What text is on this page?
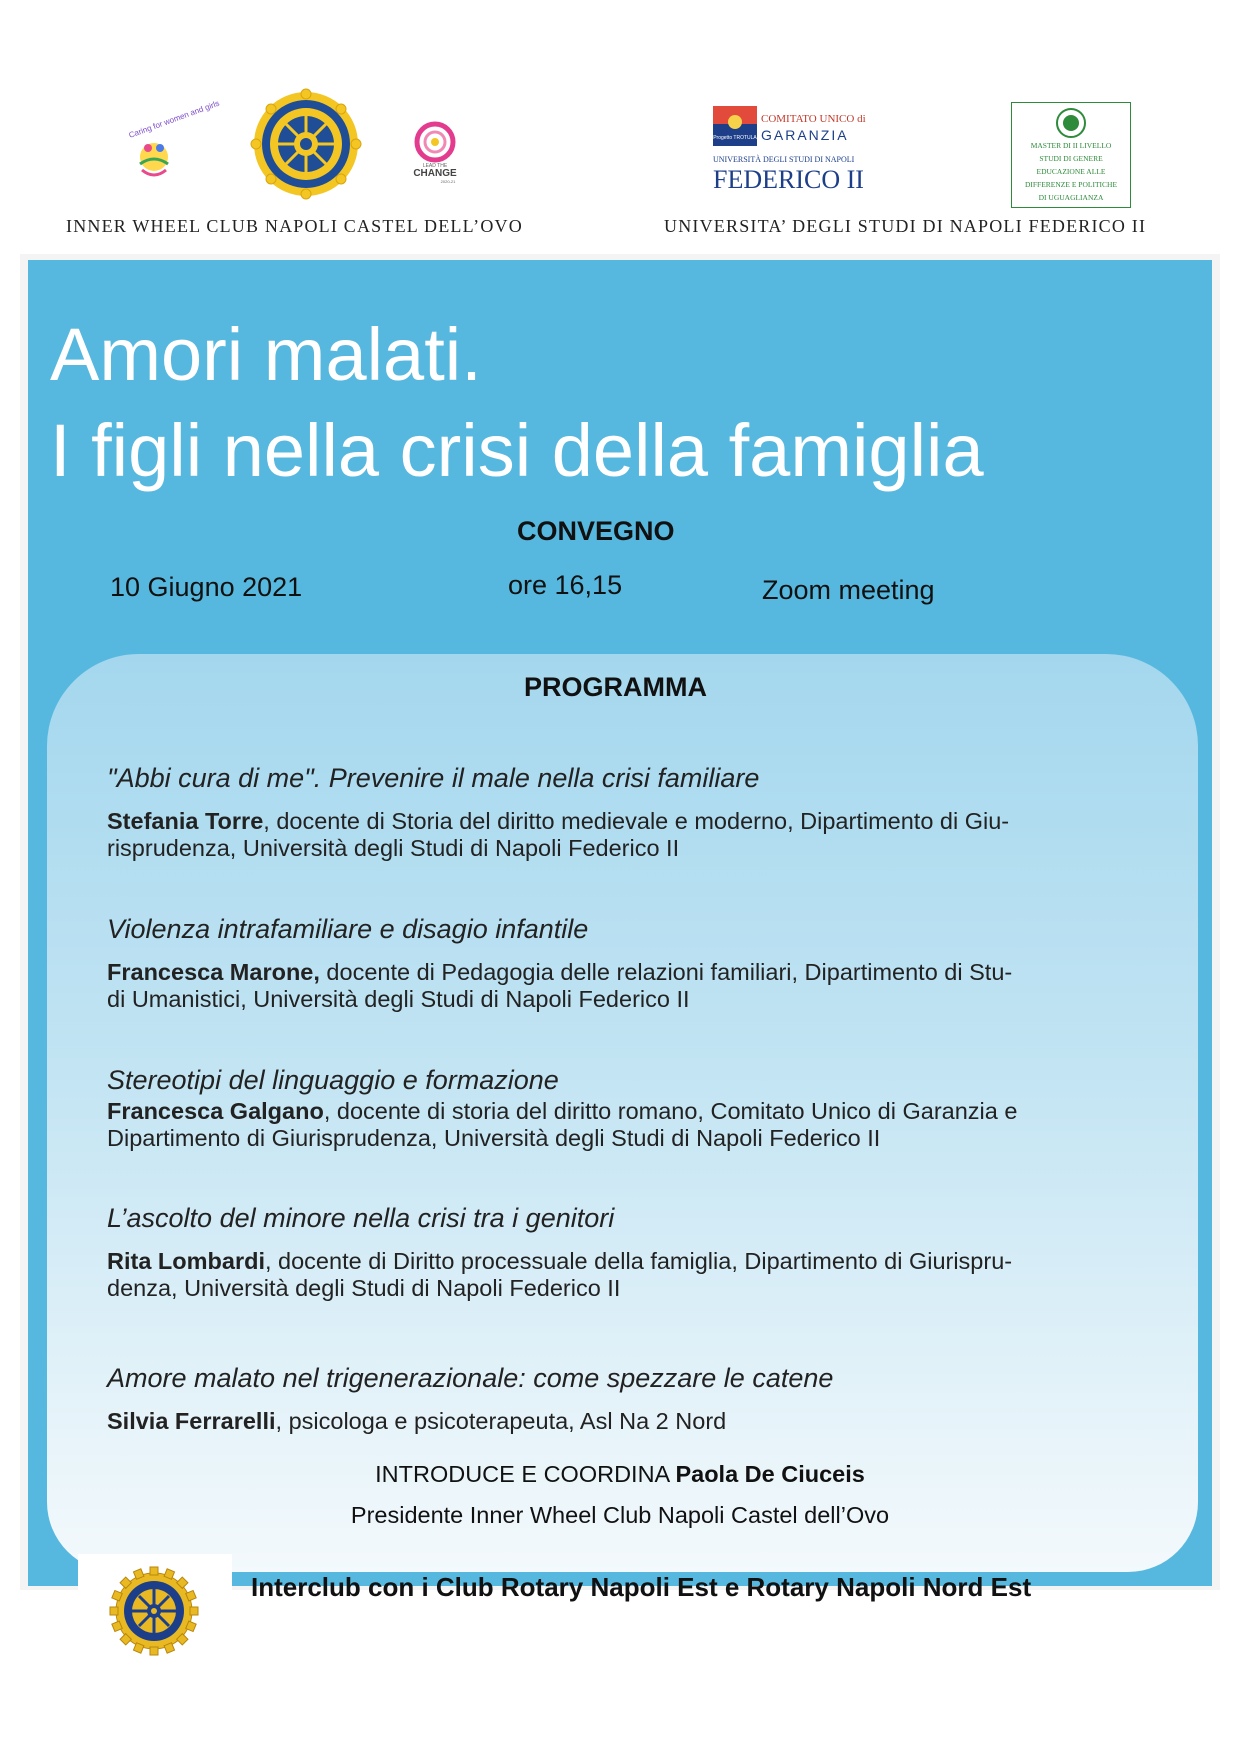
Caring for women and girls
LEAD THE
CHANGE
2020-21
Progetto TROTULA
COMITATO UNICO di
GARANZIA
UNIVERSITÀ DEGLI STUDI DI NAPOLI
FEDERICO II
MASTER DI II LIVELLO
STUDI DI GENERE
EDUCAZIONE ALLE
DIFFERENZE E POLITICHE
DI UGUAGLIANZA
INNER WHEEL CLUB NAPOLI CASTEL DELL’OVO	UNIVERSITA’ DEGLI STUDI DI NAPOLI FEDERICO II
Amori malati.
I figli nella crisi della famiglia
CONVEGNO
10 Giugno 2021	ore 16,15	Zoom meeting
PROGRAMMA
"Abbi cura di me". Prevenire il male nella crisi familiare
Stefania Torre, docente di Storia del diritto medievale e moderno, Dipartimento di Giu-
risprudenza, Università degli Studi di Napoli Federico II
Violenza intrafamiliare e disagio infantile
Francesca Marone, docente di Pedagogia delle relazioni familiari, Dipartimento di Stu-
di Umanistici, Università degli Studi di Napoli Federico II
Stereotipi del linguaggio e formazione
Francesca Galgano, docente di storia del diritto romano, Comitato Unico di Garanzia e
Dipartimento di Giurisprudenza, Università degli Studi di Napoli Federico II
L’ascolto del minore nella crisi tra i genitori
Rita Lombardi, docente di Diritto processuale della famiglia, Dipartimento di Giurispru-
denza, Università degli Studi di Napoli Federico II
Amore malato nel trigenerazionale: come spezzare le catene
Silvia Ferrarelli, psicologa e psicoterapeuta, Asl Na 2 Nord
INTRODUCE E COORDINA Paola De Ciuceis
Presidente Inner Wheel Club Napoli Castel dell’Ovo
Interclub con i Club Rotary Napoli Est e Rotary Napoli Nord Est
